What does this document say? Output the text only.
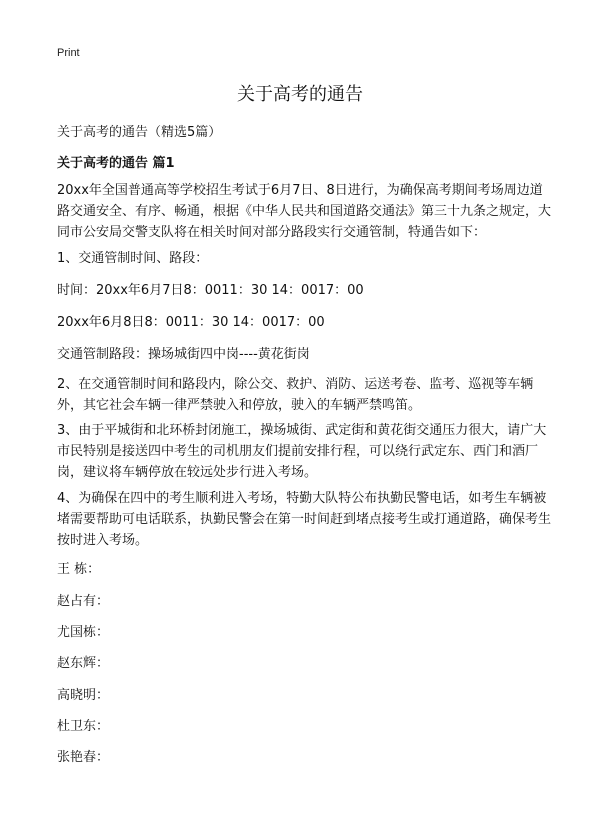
Print
关于高考的通告
关于高考的通告（精选5篇）
关于高考的通告 篇1

20xx年全国普通高等学校招生考试于6月7日、8日进行，为确保高考期间考场周边道路交通安全、有序、畅通，根据《中华人民共和国道路交通法》第三十九条之规定，大同市公安局交警支队将在相关时间对部分路段实行交通管制，特通告如下：

1、交通管制时间、路段：

时间：20xx年6月7日8：0011：30 14：0017：00

20xx年6月8日8：0011：30 14：0017：00

交通管制路段：操场城街四中岗----黄花街岗

2、在交通管制时间和路段内，除公交、救护、消防、运送考卷、监考、巡视等车辆外，其它社会车辆一律严禁驶入和停放，驶入的车辆严禁鸣笛。

3、由于平城街和北环桥封闭施工，操场城街、武定街和黄花街交通压力很大，请广大市民特别是接送四中考生的司机朋友们提前安排行程，可以绕行武定东、西门和酒厂岗，建议将车辆停放在较远处步行进入考场。

4、为确保在四中的考生顺利进入考场，特勤大队特公布执勤民警电话，如考生车辆被堵需要帮助可电话联系，执勤民警会在第一时间赶到堵点接考生或打通道路，确保考生按时进入考场。

王 栋：
赵占有：
尤国栋：
赵东辉：
高晓明：
杜卫东：
张艳春：
